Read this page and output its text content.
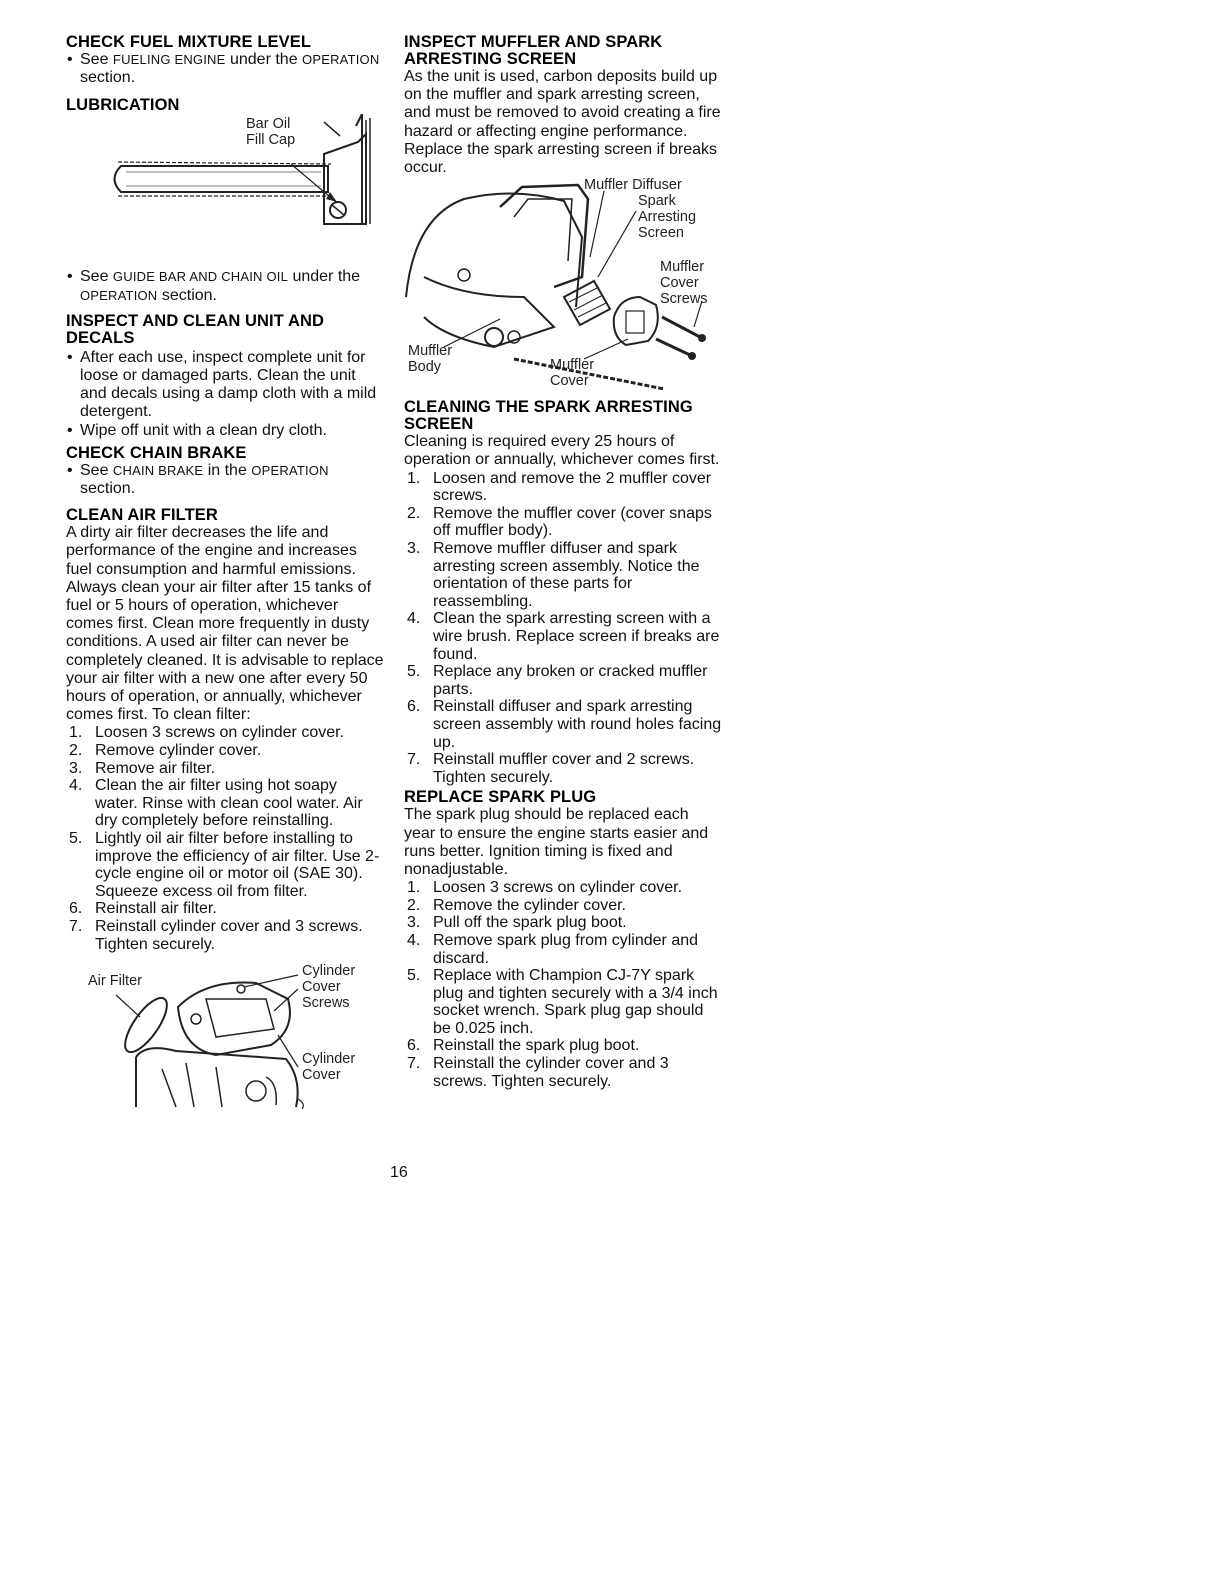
CHECK FUEL MIXTURE LEVEL
• See FUELING ENGINE under the OPERATION section.
LUBRICATION
Bar Oil
Fill Cap
• See GUIDE BAR AND CHAIN OIL under the OPERATION section.
INSPECT AND CLEAN UNIT AND DECALS
• After each use, inspect complete unit for loose or damaged parts. Clean the unit and decals using a damp cloth with a mild detergent.
• Wipe off unit with a clean dry cloth.
CHECK CHAIN BRAKE
• See CHAIN BRAKE in the OPERATION section.
CLEAN AIR FILTER

A dirty air filter decreases the life and performance of the engine and increases fuel consumption and harmful emissions. Always clean your air filter after 15 tanks of fuel or 5 hours of operation, whichever comes first. Clean more frequently in dusty conditions. A used air filter can never be completely cleaned. It is advisable to replace your air filter with a new one after every 50 hours of operation, or annually, whichever comes first. To clean filter:

1. Loosen 3 screws on cylinder cover.
2. Remove cylinder cover.
3. Remove air filter.
4. Clean the air filter using hot soapy water. Rinse with clean cool water. Air dry completely before reinstalling.
5. Lightly oil air filter before installing to improve the efficiency of air filter. Use 2-cycle engine oil or motor oil (SAE 30). Squeeze excess oil from filter.
6. Reinstall air filter.
7. Reinstall cylinder cover and 3 screws. Tighten securely.
Air Filter
Cylinder
Cover
Screws
Cylinder
Cover
INSPECT MUFFLER AND SPARK ARRESTING SCREEN

As the unit is used, carbon deposits build up on the muffler and spark arresting screen, and must be removed to avoid creating a fire hazard or affecting engine performance.

Replace the spark arresting screen if breaks occur.

Muffler Diffuser
Spark
Arresting
Screen
Muffler
Cover
Screws
Muffler
Body	Muffler
Cover
CLEANING THE SPARK ARRESTING SCREEN

Cleaning is required every 25 hours of operation or annually, whichever comes first.

1. Loosen and remove the 2 muffler cover screws.
2. Remove the muffler cover (cover snaps off muffler body).
3. Remove muffler diffuser and spark arresting screen assembly. Notice the orientation of these parts for reassembling.
4. Clean the spark arresting screen with a wire brush. Replace screen if breaks are found.
5. Replace any broken or cracked muffler parts.
6. Reinstall diffuser and spark arresting screen assembly with round holes facing up.
7. Reinstall muffler cover and 2 screws. Tighten securely.
REPLACE SPARK PLUG

The spark plug should be replaced each year to ensure the engine starts easier and runs better. Ignition timing is fixed and nonadjustable.

1. Loosen 3 screws on cylinder cover.
2. Remove the cylinder cover.
3. Pull off the spark plug boot.
4. Remove spark plug from cylinder and discard.
5. Replace with Champion CJ-7Y spark plug and tighten securely with a 3/4 inch socket wrench. Spark plug gap should be 0.025 inch.
6. Reinstall the spark plug boot.
7. Reinstall the cylinder cover and 3 screws. Tighten securely.
16
